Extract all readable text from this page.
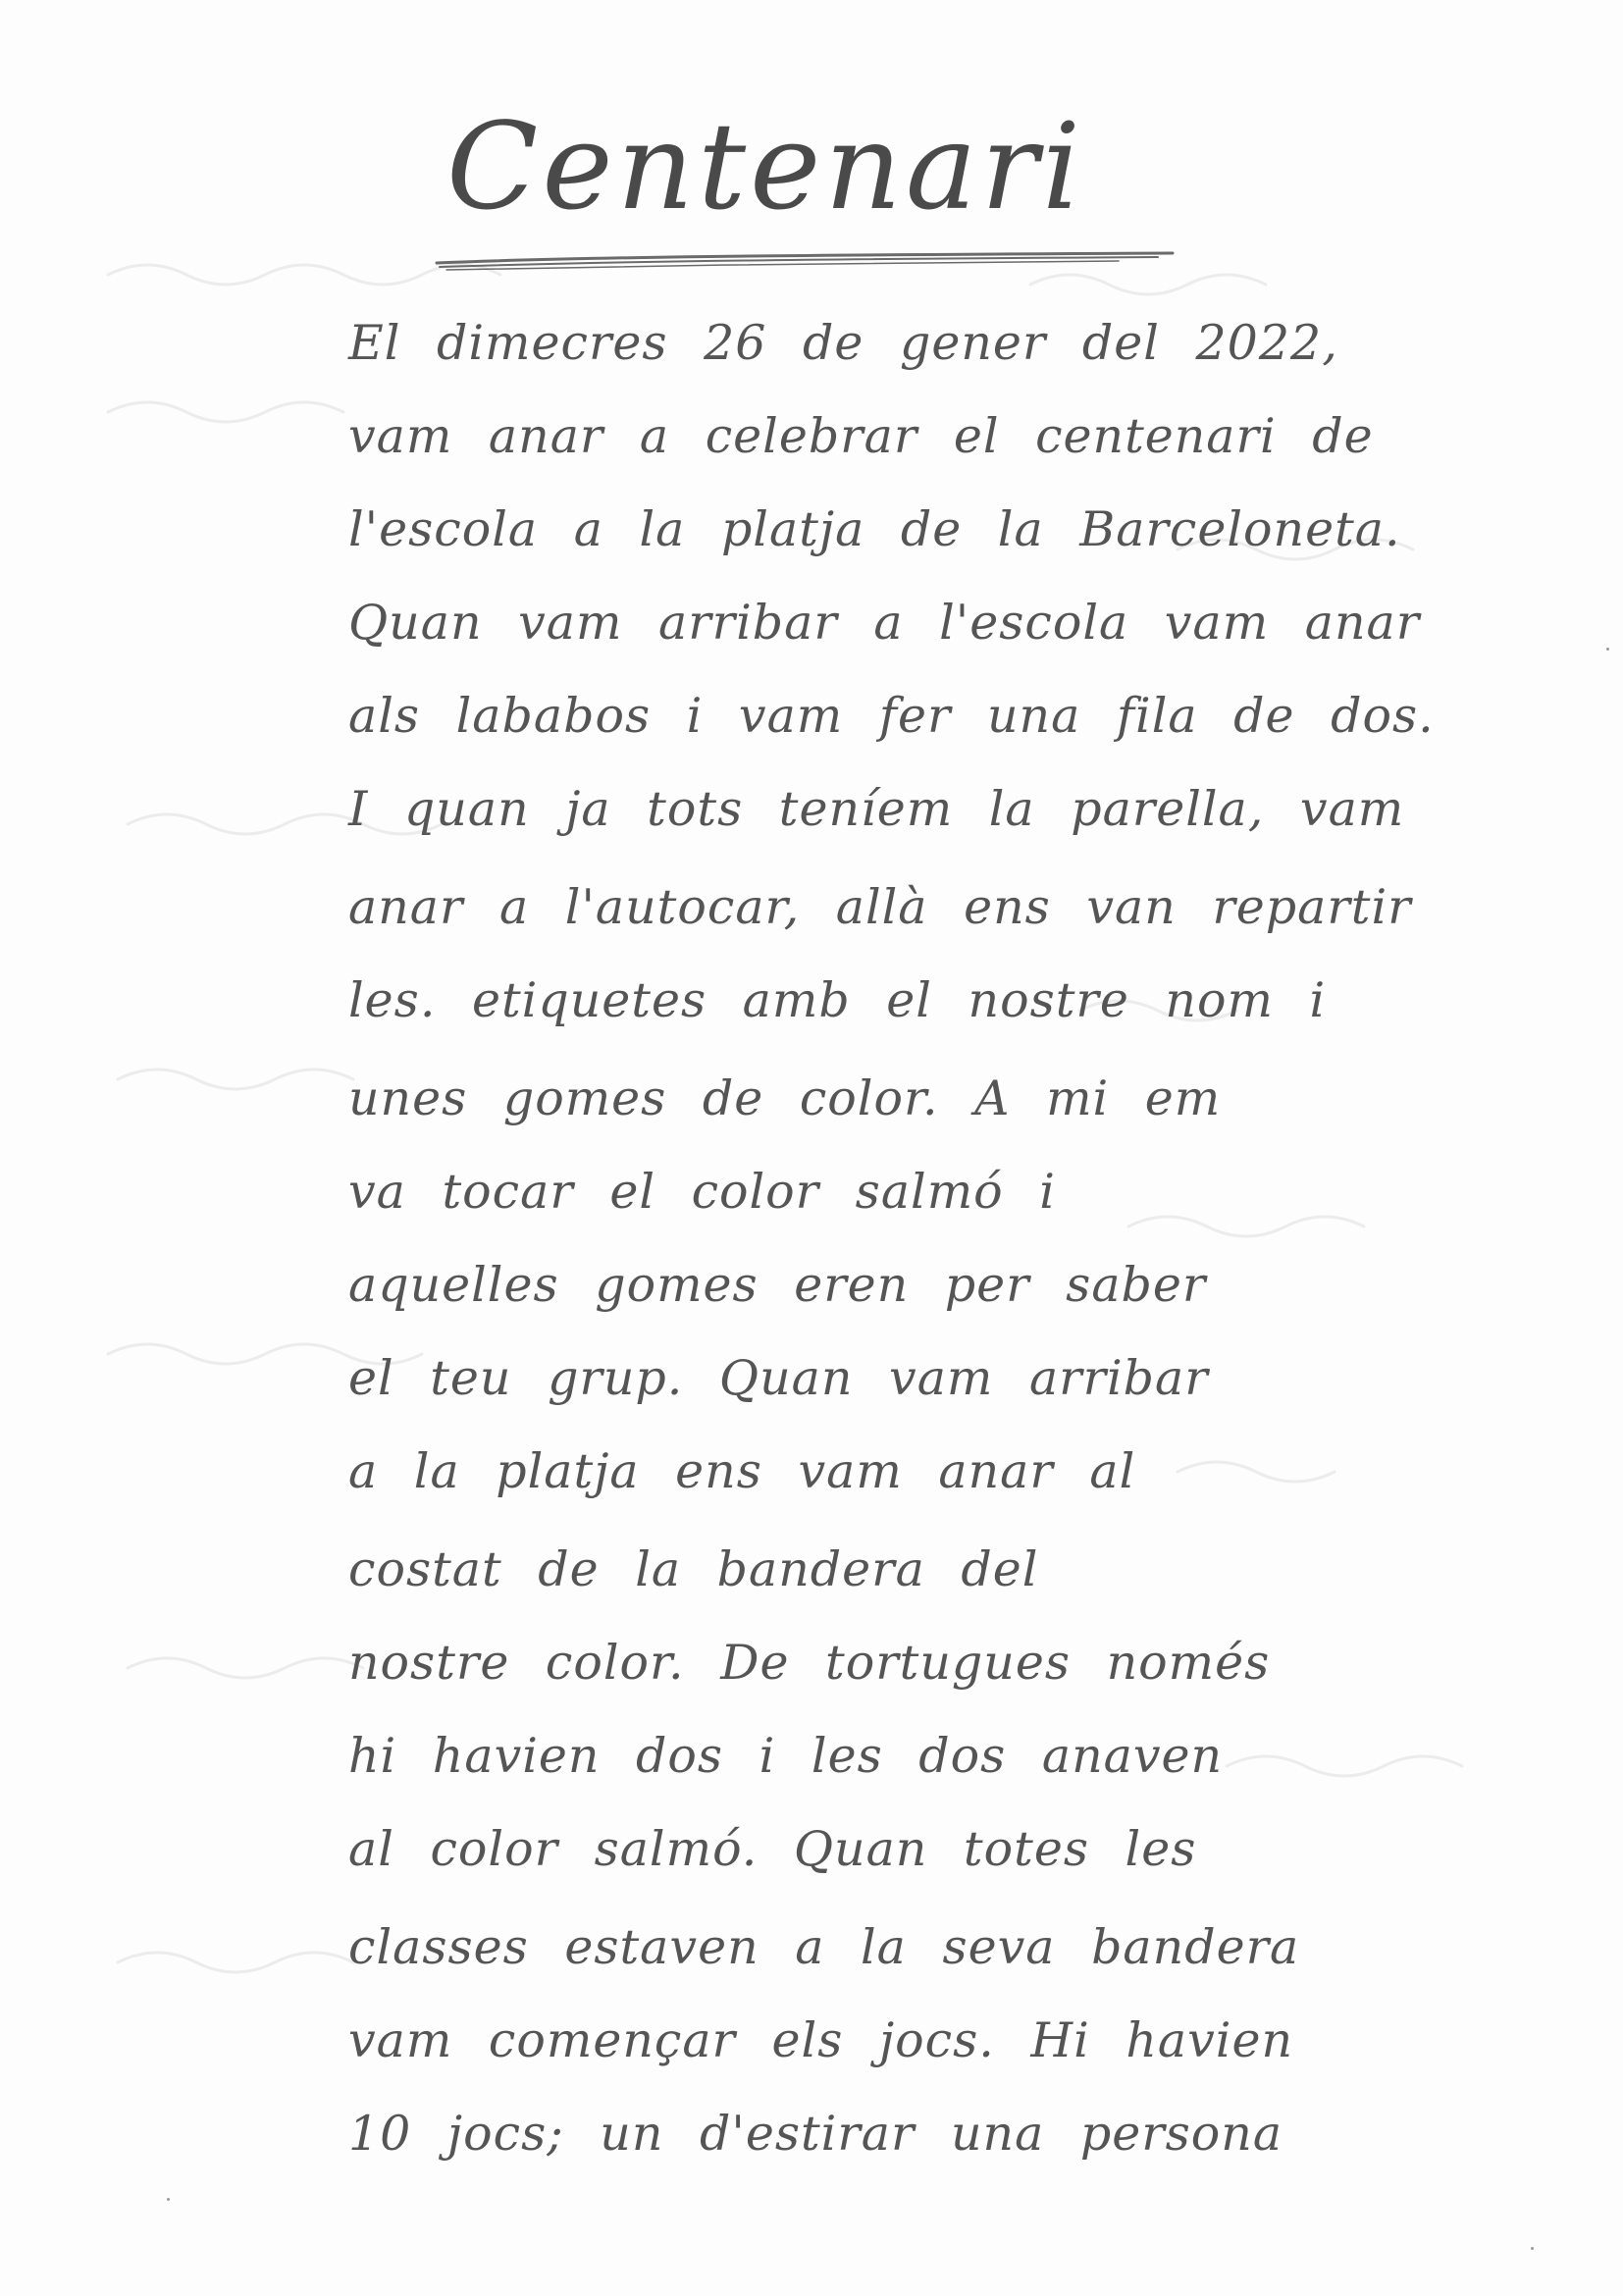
Centenari

El dimecres 26 de gener del 2022,

vam anar a celebrar el centenari de

l'escola a la platja de la Barceloneta.

Quan vam arribar a l'escola vam anar

als lababos i vam fer una fila de dos.

I quan ja tots teníem la parella, vam

anar a l'autocar, allà ens van repartir

les. etiquetes amb el nostre nom i

unes gomes de color. A mi em

va tocar el color salmó i

aquelles gomes eren per saber

el teu grup. Quan vam arribar

a la platja ens vam anar al

costat de la bandera del

nostre color. De tortugues només

hi havien dos i les dos anaven

al color salmó. Quan totes les

classes estaven a la seva bandera

vam començar els jocs. Hi havien

10 jocs; un d'estirar una persona
